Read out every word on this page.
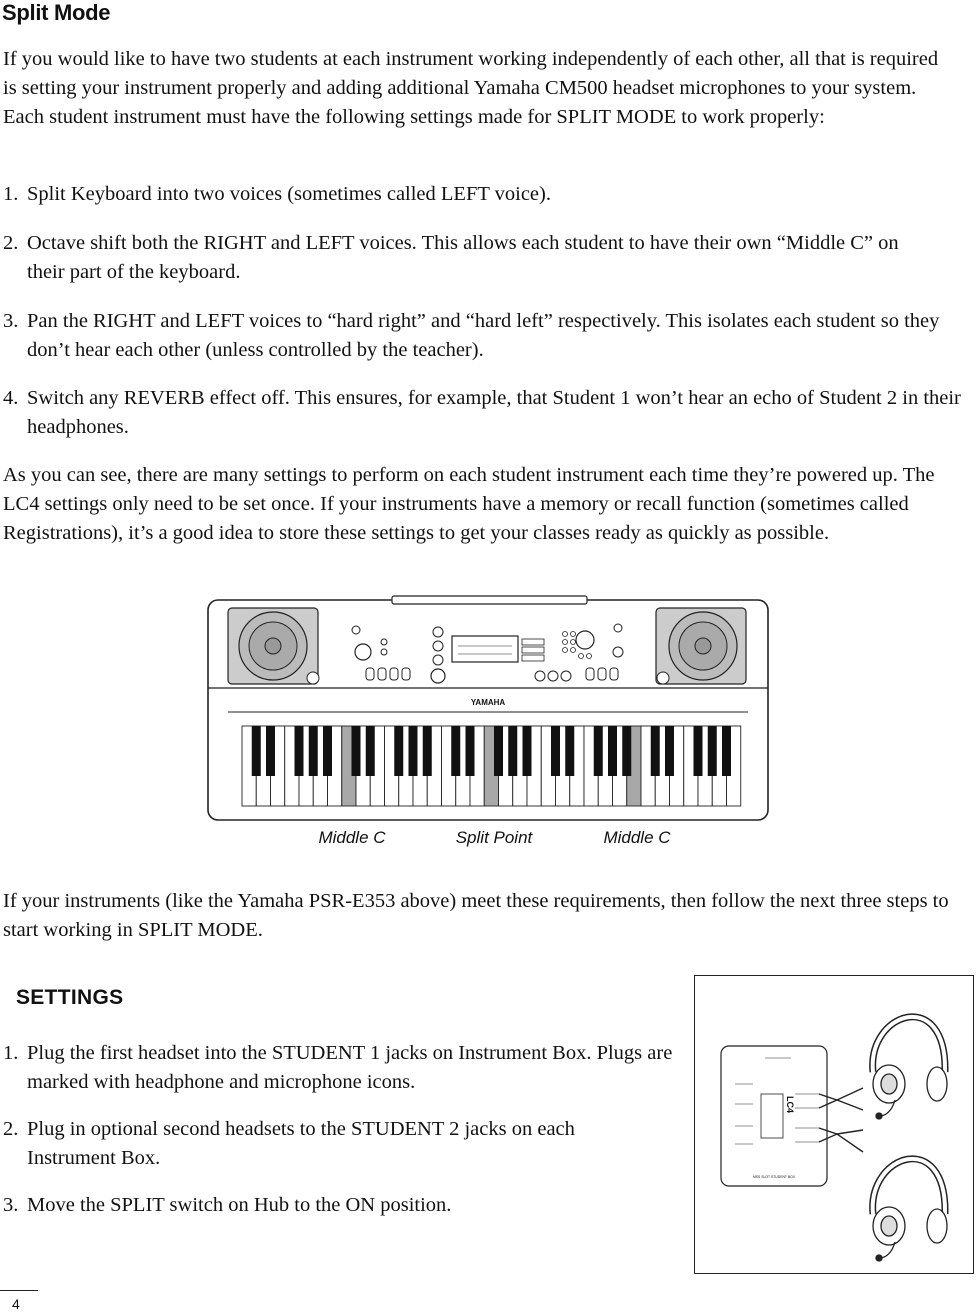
Split Mode

If you would like to have two students at each instrument working independently of each other, all that is required is setting your instrument properly and adding additional Yamaha CM500 headset microphones to your system. Each student instrument must have the following settings made for SPLIT MODE to work properly:

1. Split Keyboard into two voices (sometimes called LEFT voice).
2. Octave shift both the RIGHT and LEFT voices. This allows each student to have their own “Middle C” on their part of the keyboard.
3. Pan the RIGHT and LEFT voices to “hard right” and “hard left” respectively. This isolates each student so they don’t hear each other (unless controlled by the teacher).
4. Switch any REVERB effect off. This ensures, for example, that Student 1 won’t hear an echo of Student 2 in their headphones.

As you can see, there are many settings to perform on each student instrument each time they’re powered up. The LC4 settings only need to be set once. If your instruments have a memory or recall function (sometimes called Registrations), it’s a good idea to store these settings to get your classes ready as quickly as possible.

YAMAHA
Middle C	Split Point	Middle C

If your instruments (like the Yamaha PSR-E353 above) meet these requirements, then follow the next three steps to start working in SPLIT MODE.

SETTINGS
1. Plug the first headset into the STUDENT 1 jacks on Instrument Box. Plugs are marked with headphone and microphone icons.
2. Plug in optional second headsets to the STUDENT 2 jacks on each Instrument Box.
3. Move the SPLIT switch on Hub to the ON position.
LC4
MSS SLOT STUDENT BOX
4
